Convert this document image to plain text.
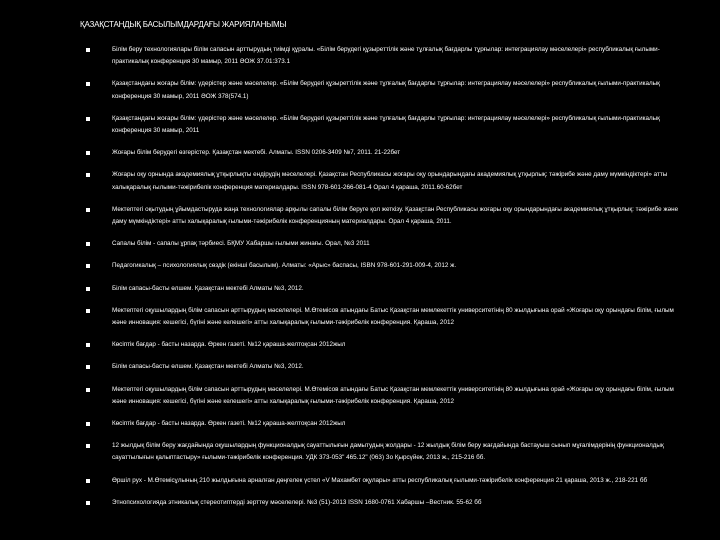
ҚАЗАҚСТАНДЫҚ БАСЫЛЫМДАРДАҒЫ ЖАРИЯЛАНЫМЫ
Білім беру технологиялары білім сапасын арттырудың тиімді құралы. «Білім берудегі құзыреттілік және тұлғалық бағдарлы тұрғылар: интеграциялау мәселелері» республикалық ғылыми-практикалық конференция 30 мамыр, 2011 ӘОЖ 37.01:373.1
Қазақстандағы жоғары білім: үдерістер және мәселелер. «Білім берудегі құзыреттілік және тұлғалық бағдарлы тұрғылар: интеграциялау мәселелері» республикалық ғылыми-практикалық конференция 30 мамыр, 2011 ӘОЖ 378(574.1)
Қазақстандағы жоғары білім: үдерістер және мәселелер. «Білім берудегі құзыреттілік және тұлғалық бағдарлы тұрғылар: интеграциялау мәселелері» республикалық ғылыми-практикалық конференция 30 мамыр, 2011
Жоғары білім берудегі өзгерістер. Қазақстан мектебі. Алматы. ISSN 0206-3409 №7, 2011. 21-22бет
Жоғары оқу орнында академиялық ұтқырлықты ендірудің мәселелері. Қазақстан Республикасы жоғары оқу орындарындағы академиялық ұтқырлық: тәжірибе және даму мүмкіндіктері» атты халықаралық ғылыми-тәжірибелік конференция материалдары. ISSN 978-601-266-081-4 Орал 4 қараша, 2011.60-62бет
Мектептегі оқытудың ұйымдастыруда жаңа технологиялар арқылы сапалы білім беруге қол жеткізу. Қазақстан Республикасы жоғары оқу орындарындағы академиялық ұтқырлық: тәжірибе және даму мүмкіндіктері» атты халықаралық ғылыми-тәжірибелік конференцияның материалдары. Орал 4 қараша, 2011.
Сапалы білім - сапалы ұрпақ тәрбиесі. БҚМУ Хабаршы ғылыми жинағы. Орал, №3 2011
Педагогикалық – психологиялық сөздік (екінші басылым). Алматы: «Арыс» баспасы, ISBN 978-601-291-009-4, 2012 ж.
Білім сапасы-басты өлшем. Қазақстан мектебі Алматы №3, 2012.
Мектептегі оқушылардың білім сапасын арттырудың мәселелері. М.Өтемісов атындағы Батыс Қазақстан мемлекеттік университетінің 80 жылдығына орай «Жоғары оқу орындағы білім, ғылым және инновация: кешегісі, бүгіні және келешегі» атты халықаралық ғылыми-тәжірибелік конференция. Қараша, 2012
Көсіптік бағдар - басты назарда. Өркен газеті. №12 қараша-желтоқсан 2012жыл
Білім сапасы-басты өлшем. Қазақстан мектебі Алматы №3, 2012.
Мектептегі оқушылардың білім сапасын арттырудың мәселелері. М.Өтемісов атындағы Батыс Қазақстан мемлекеттік университетінің 80 жылдығына орай «Жоғары оқу орындағы білім, ғылым және инновация: кешегісі, бүгіні және келешегі» атты халықаралық ғылыми-тәжірибелік конференция. Қараша, 2012
Көсіптік бағдар - басты назарда. Өркен газеті. №12 қараша-желтоқсан 2012жыл
12 жылдық білім беру жағдайында оқушылардың функционалдық сауаттылығын дамытудың жолдары - 12 жылдық білім беру жағдайында бастауыш сынып мұғалімдерінің функционалдық сауаттылығын қалыптастыру» ғылыми-тәжірибелік конференция. УДК 373-053" 465.12" (063) Зо Қырсүйек, 2013 ж., 215-216 бб.
Өршіл рух - М.Өтемісұлының 210 жылдығына арналған дөңгелек үстел «V Махамбет оқулары» атты республикалық ғылыми-тәжірибелік конференция 21 қараша, 2013 ж., 218-221 бб
Этнопсихологияда этникалық стереотиптерді зерттеу мәселелері. №3 (51)-2013 ISSN 1680-0761 Хабаршы –Вестник. 55-62 бб
